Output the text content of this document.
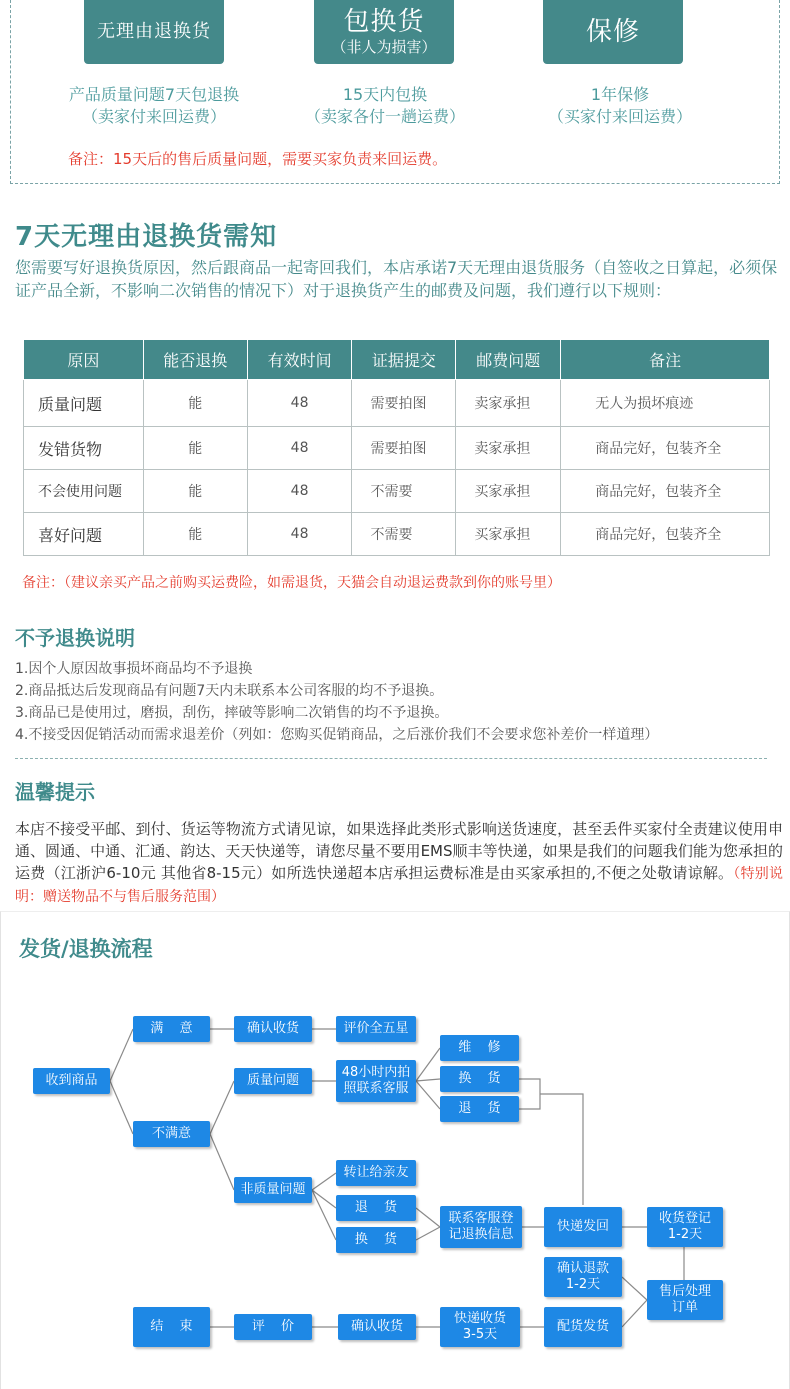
无理由退换货	包换货
（非人为损害）	保修
产品质量问题7天包退换
（卖家付来回运费）
15天内包换
（卖家各付一趟运费）
1年保修
（买家付来回运费）
备注：15天后的售后质量问题，需要买家负责来回运费。
7天无理由退换货需知
您需要写好退换货原因，然后跟商品一起寄回我们，本店承诺7天无理由退货服务（自签收之日算起，必须保证产品全新，不影响二次销售的情况下）对于退换货产生的邮费及问题，我们遵行以下规则：
原因	能否退换	有效时间	证据提交	邮费问题	备注
质量问题	能	48	需要拍图	卖家承担	无人为损坏痕迹
发错货物	能	48	需要拍图	卖家承担	商品完好，包装齐全
不会使用问题	能	48	不需要	买家承担	商品完好，包装齐全
喜好问题	能	48	不需要	买家承担	商品完好，包装齐全
备注：（建议亲买产品之前购买运费险，如需退货，天猫会自动退运费款到你的账号里）
不予退换说明
1.因个人原因故事损坏商品均不予退换
2.商品抵达后发现商品有问题7天内未联系本公司客服的均不予退换。
3.商品已是使用过，磨损，刮伤，摔破等影响二次销售的均不予退换。
4.不接受因促销活动而需求退差价（列如：您购买促销商品，之后涨价我们不会要求您补差价一样道理）
温馨提示
本店不接受平邮、到付、货运等物流方式请见谅，如果选择此类形式影响送货速度，甚至丢件买家付全责建议使用申通、圆通、中通、汇通、韵达、天天快递等，请您尽量不要用EMS顺丰等快递，如果是我们的问题我们能为您承担的运费（江浙沪6-10元 其他省8-15元）如所选快递超本店承担运费标准是由买家承担的,不便之处敬请谅解。（特别说明：赠送物品不与售后服务范围）
发货/退换流程
收到商品
满 意
不满意
确认收货	评价全五星
质量问题
48小时内拍照联系客服
维 修
换 货
退 货
非质量问题
转让给亲友
退 货
换 货
联系客服登记退换信息
快递发回
收货登记 1-2天
确认退款 1-2天	售后处理订单
配货发货
快递收货 3-5天
确认收货
评 价
结 束
